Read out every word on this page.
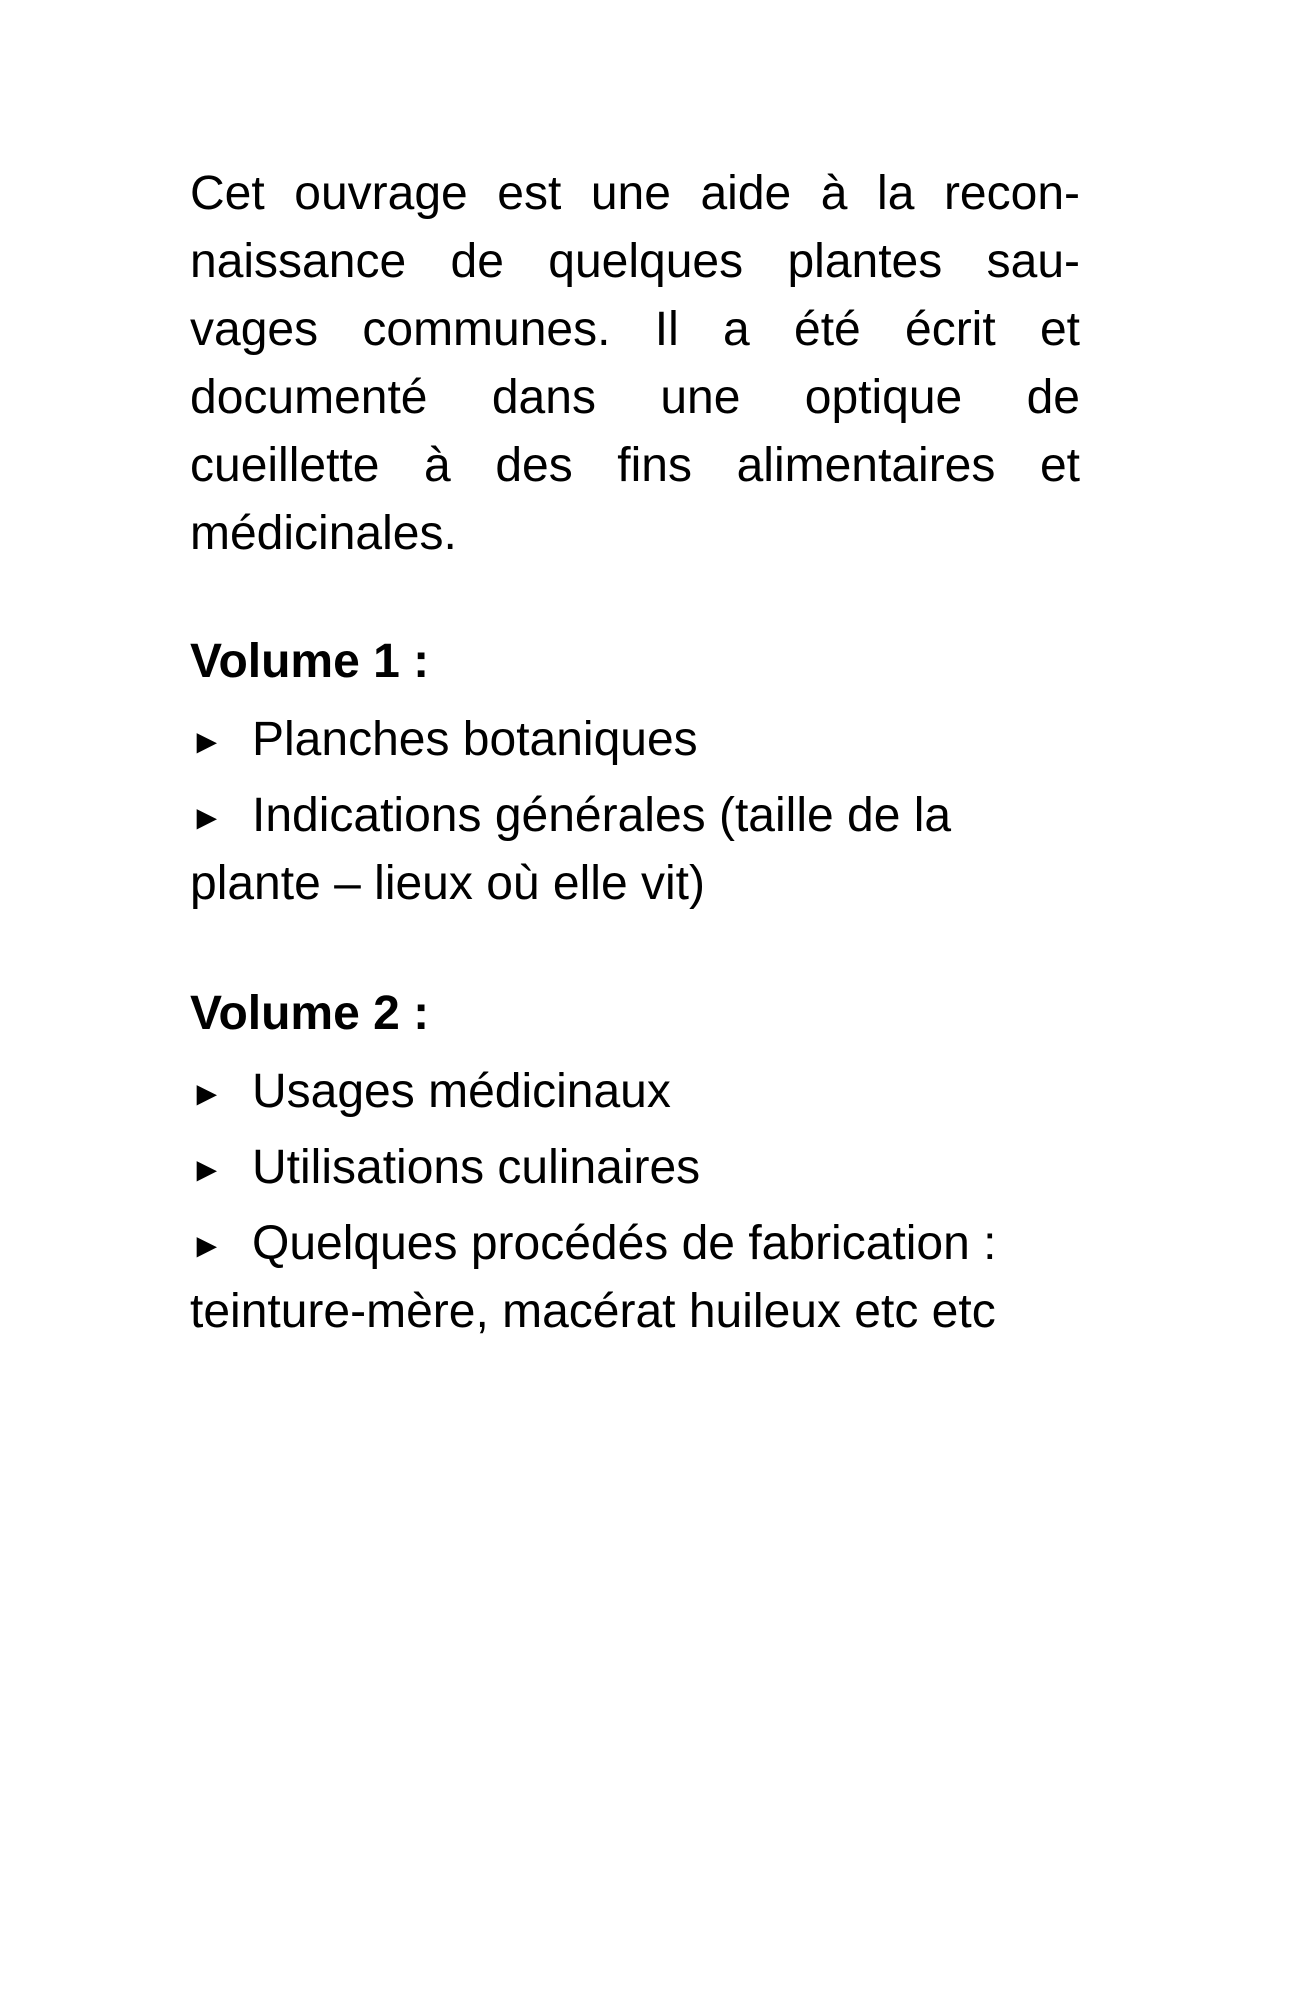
Cet ouvrage est une aide à la recon-
naissance de quelques plantes sau-
vages communes. Il a été écrit et
documenté dans une optique de
cueillette à des fins alimentaires et
médicinales.

Volume 1 :
► Planches botaniques
► Indications générales (taille de la
plante – lieux où elle vit)
Volume 2 :
► Usages médicinaux
► Utilisations culinaires
► Quelques procédés de fabrication :
teinture-mère, macérat huileux etc etc
